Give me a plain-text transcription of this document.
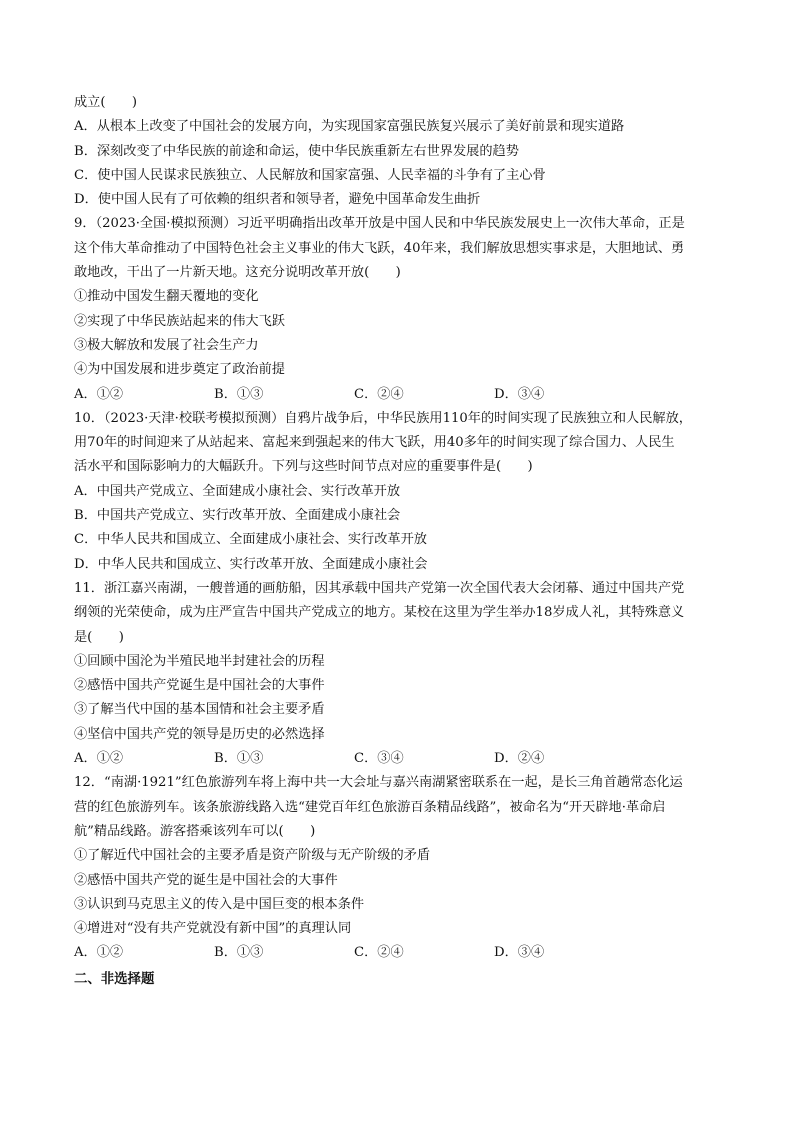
成立(　　)
A．从根本上改变了中国社会的发展方向，为实现国家富强民族复兴展示了美好前景和现实道路
B．深刻改变了中华民族的前途和命运，使中华民族重新左右世界发展的趋势
C．使中国人民谋求民族独立、人民解放和国家富强、人民幸福的斗争有了主心骨
D．使中国人民有了可依赖的组织者和领导者，避免中国革命发生曲折
9．（2023·全国·模拟预测）习近平明确指出改革开放是中国人民和中华民族发展史上一次伟大革命，正是
这个伟大革命推动了中国特色社会主义事业的伟大飞跃，40年来，我们解放思想实事求是，大胆地试、勇
敢地改，干出了一片新天地。这充分说明改革开放(　　)
①推动中国发生翻天覆地的变化
②实现了中华民族站起来的伟大飞跃
③极大解放和发展了社会生产力
④为中国发展和进步奠定了政治前提
A．①②	B．①③	C．②④	D．③④
10．（2023·天津·校联考模拟预测）自鸦片战争后，中华民族用110年的时间实现了民族独立和人民解放，
用70年的时间迎来了从站起来、富起来到强起来的伟大飞跃，用40多年的时间实现了综合国力、人民生
活水平和国际影响力的大幅跃升。下列与这些时间节点对应的重要事件是(　　)
A．中国共产党成立、全面建成小康社会、实行改革开放
B．中国共产党成立、实行改革开放、全面建成小康社会
C．中华人民共和国成立、全面建成小康社会、实行改革开放
D．中华人民共和国成立、实行改革开放、全面建成小康社会
11．浙江嘉兴南湖，一艘普通的画舫船，因其承载中国共产党第一次全国代表大会闭幕、通过中国共产党
纲领的光荣使命，成为庄严宣告中国共产党成立的地方。某校在这里为学生举办18岁成人礼，其特殊意义
是(　　)
①回顾中国沦为半殖民地半封建社会的历程
②感悟中国共产党诞生是中国社会的大事件
③了解当代中国的基本国情和社会主要矛盾
④坚信中国共产党的领导是历史的必然选择
A．①②	B．①③	C．③④	D．②④
12．“南湖·1921”红色旅游列车将上海中共一大会址与嘉兴南湖紧密联系在一起，是长三角首趟常态化运
营的红色旅游列车。该条旅游线路入选“建党百年红色旅游百条精品线路”，被命名为“开天辟地·革命启
航”精品线路。游客搭乘该列车可以(　　)
①了解近代中国社会的主要矛盾是资产阶级与无产阶级的矛盾
②感悟中国共产党的诞生是中国社会的大事件
③认识到马克思主义的传入是中国巨变的根本条件
④增进对“没有共产党就没有新中国”的真理认同
A．①②	B．①③	C．②④	D．③④
二、非选择题
